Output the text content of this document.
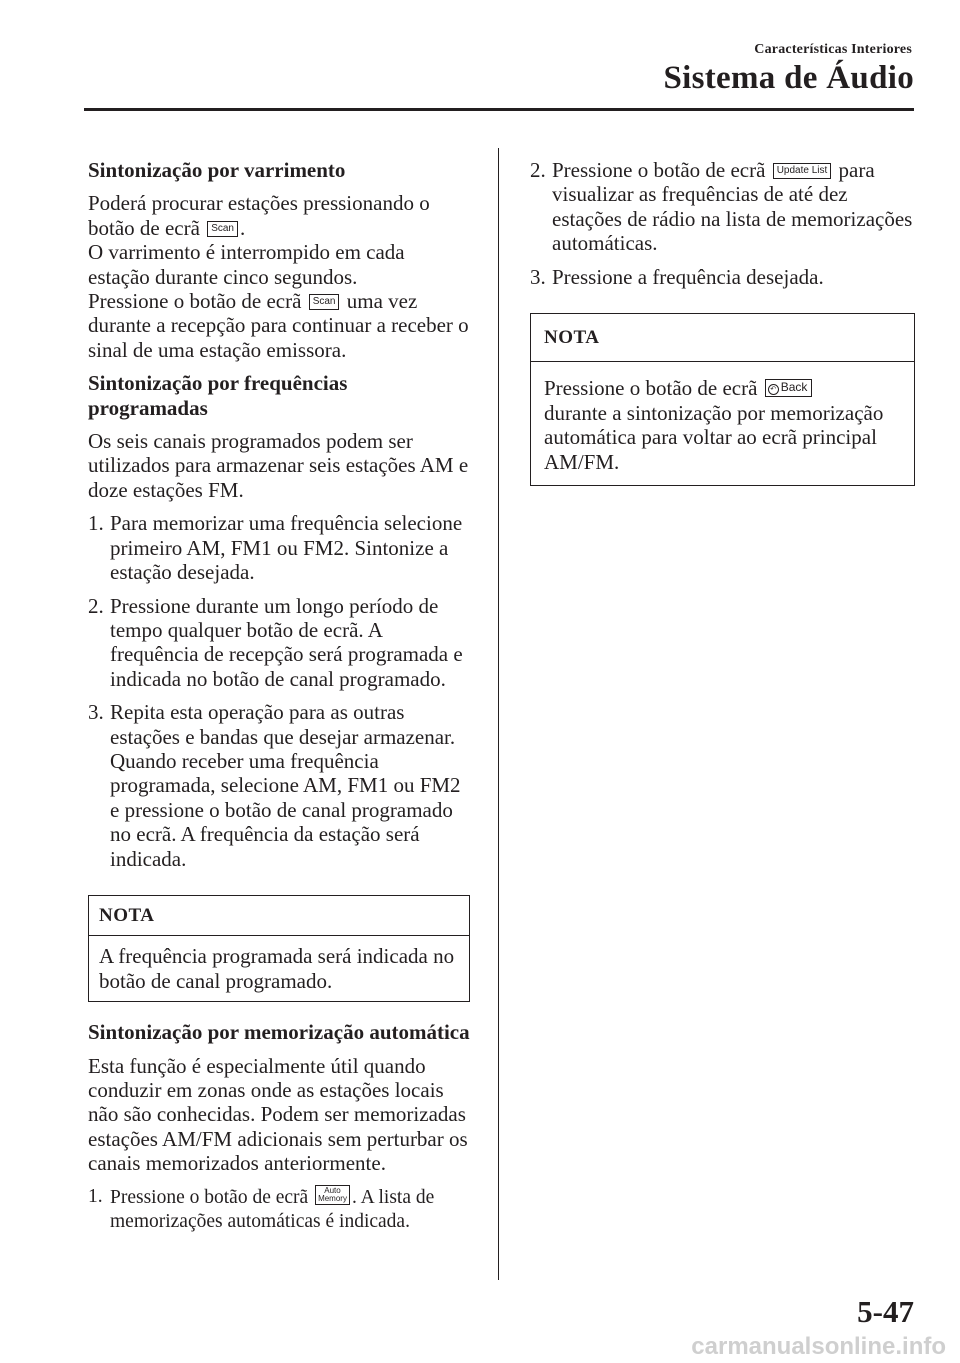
Características Interiores
Sistema de Áudio
Sintonização por varrimento

Poderá procurar estações pressionando o botão de ecrã Scan .
O varrimento é interrompido em cada estação durante cinco segundos.
Pressione o botão de ecrã Scan uma vez durante a recepção para continuar a receber o sinal de uma estação emissora.

Sintonização por frequências programadas

Os seis canais programados podem ser utilizados para armazenar seis estações AM e doze estações FM.

1. Para memorizar uma frequência selecione primeiro AM, FM1 ou FM2. Sintonize a estação desejada.
2. Pressione durante um longo período de tempo qualquer botão de ecrã. A frequência de recepção será programada e indicada no botão de canal programado.
3. Repita esta operação para as outras estações e bandas que desejar armazenar. Quando receber uma frequência programada, selecione AM, FM1 ou FM2 e pressione o botão de canal programado no ecrã. A frequência da estação será indicada.
NOTA
A frequência programada será indicada no botão de canal programado.
Sintonização por memorização automática

Esta função é especialmente útil quando conduzir em zonas onde as estações locais não são conhecidas. Podem ser memorizadas estações AM/FM adicionais sem perturbar os canais memorizados anteriormente.

1. Pressione o botão de ecrã Auto
Memory . A lista de memorizações automáticas é indicada.
2. Pressione o botão de ecrã Update List para visualizar as frequências de até dez estações de rádio na lista de memorizações automáticas.
3. Pressione a frequência desejada.
NOTA
Pressione o botão de ecrã ↶ Back
durante a sintonização por memorização automática para voltar ao ecrã principal AM/FM.
5-47
carmanualsonline.info
